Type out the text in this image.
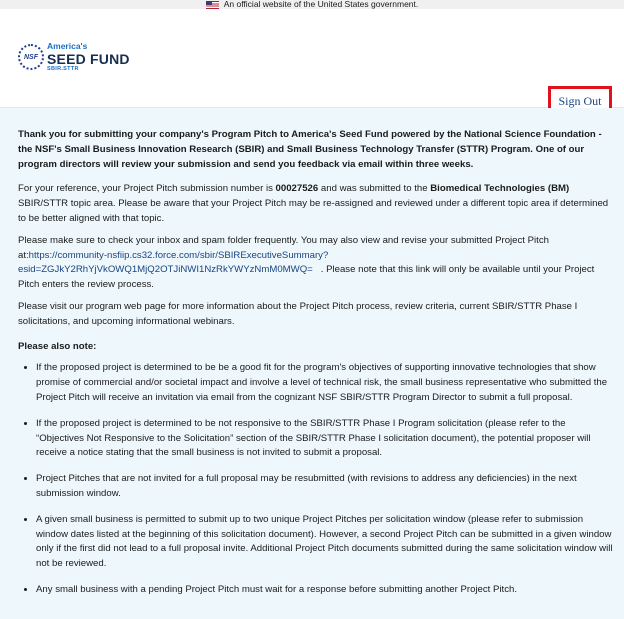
An official website of the United States government.
NSF
America's
SEED FUND
SBIR.STTR
Sign Out

Thank you for submitting your company's Program Pitch to America's Seed Fund powered by the National Science Foundation - the NSF's Small Business Innovation Research (SBIR) and Small Business Technology Transfer (STTR) Program. One of our program directors will review your submission and send you feedback via email within three weeks.

For your reference, your Project Pitch submission number is 00027526 and was submitted to the Biomedical Technologies (BM) SBIR/STTR topic area. Please be aware that your Project Pitch may be re-assigned and reviewed under a different topic area if determined to be better aligned with that topic.

Please make sure to check your inbox and spam folder frequently. You may also view and revise your submitted Project Pitch at:https://community-nsfiip.cs32.force.com/sbir/SBIRExecutiveSummary?esid=ZGJkY2RhYjVkOWQ1MjQ2OTJiNWI1NzRkYWYzNmM0MWQ=   . Please note that this link will only be available until your Project Pitch enters the review process.

Please visit our program web page for more information about the Project Pitch process, review criteria, current SBIR/STTR Phase I solicitations, and upcoming informational webinars.

Please also note:

• If the proposed project is determined to be be a good fit for the program's objectives of supporting innovative technologies that show promise of commercial and/or societal impact and involve a level of technical risk, the small business representative who submitted the Project Pitch will receive an invitation via email from the cognizant NSF SBIR/STTR Program Director to submit a full proposal.
• If the proposed project is determined to be not responsive to the SBIR/STTR Phase I Program solicitation (please refer to the “Objectives Not Responsive to the Solicitation” section of the SBIR/STTR Phase I solicitation document), the potential proposer will receive a notice stating that the small business is not invited to submit a proposal.
• Project Pitches that are not invited for a full proposal may be resubmitted (with revisions to address any deficiencies) in the next submission window.
• A given small business is permitted to submit up to two unique Project Pitches per solicitation window (please refer to submission window dates listed at the beginning of this solicitation document). However, a second Project Pitch can be submitted in a given window only if the first did not lead to a full proposal invite. Additional Project Pitch documents submitted during the same solicitation window will not be reviewed.
• Any small business with a pending Project Pitch must wait for a response before submitting another Project Pitch.
